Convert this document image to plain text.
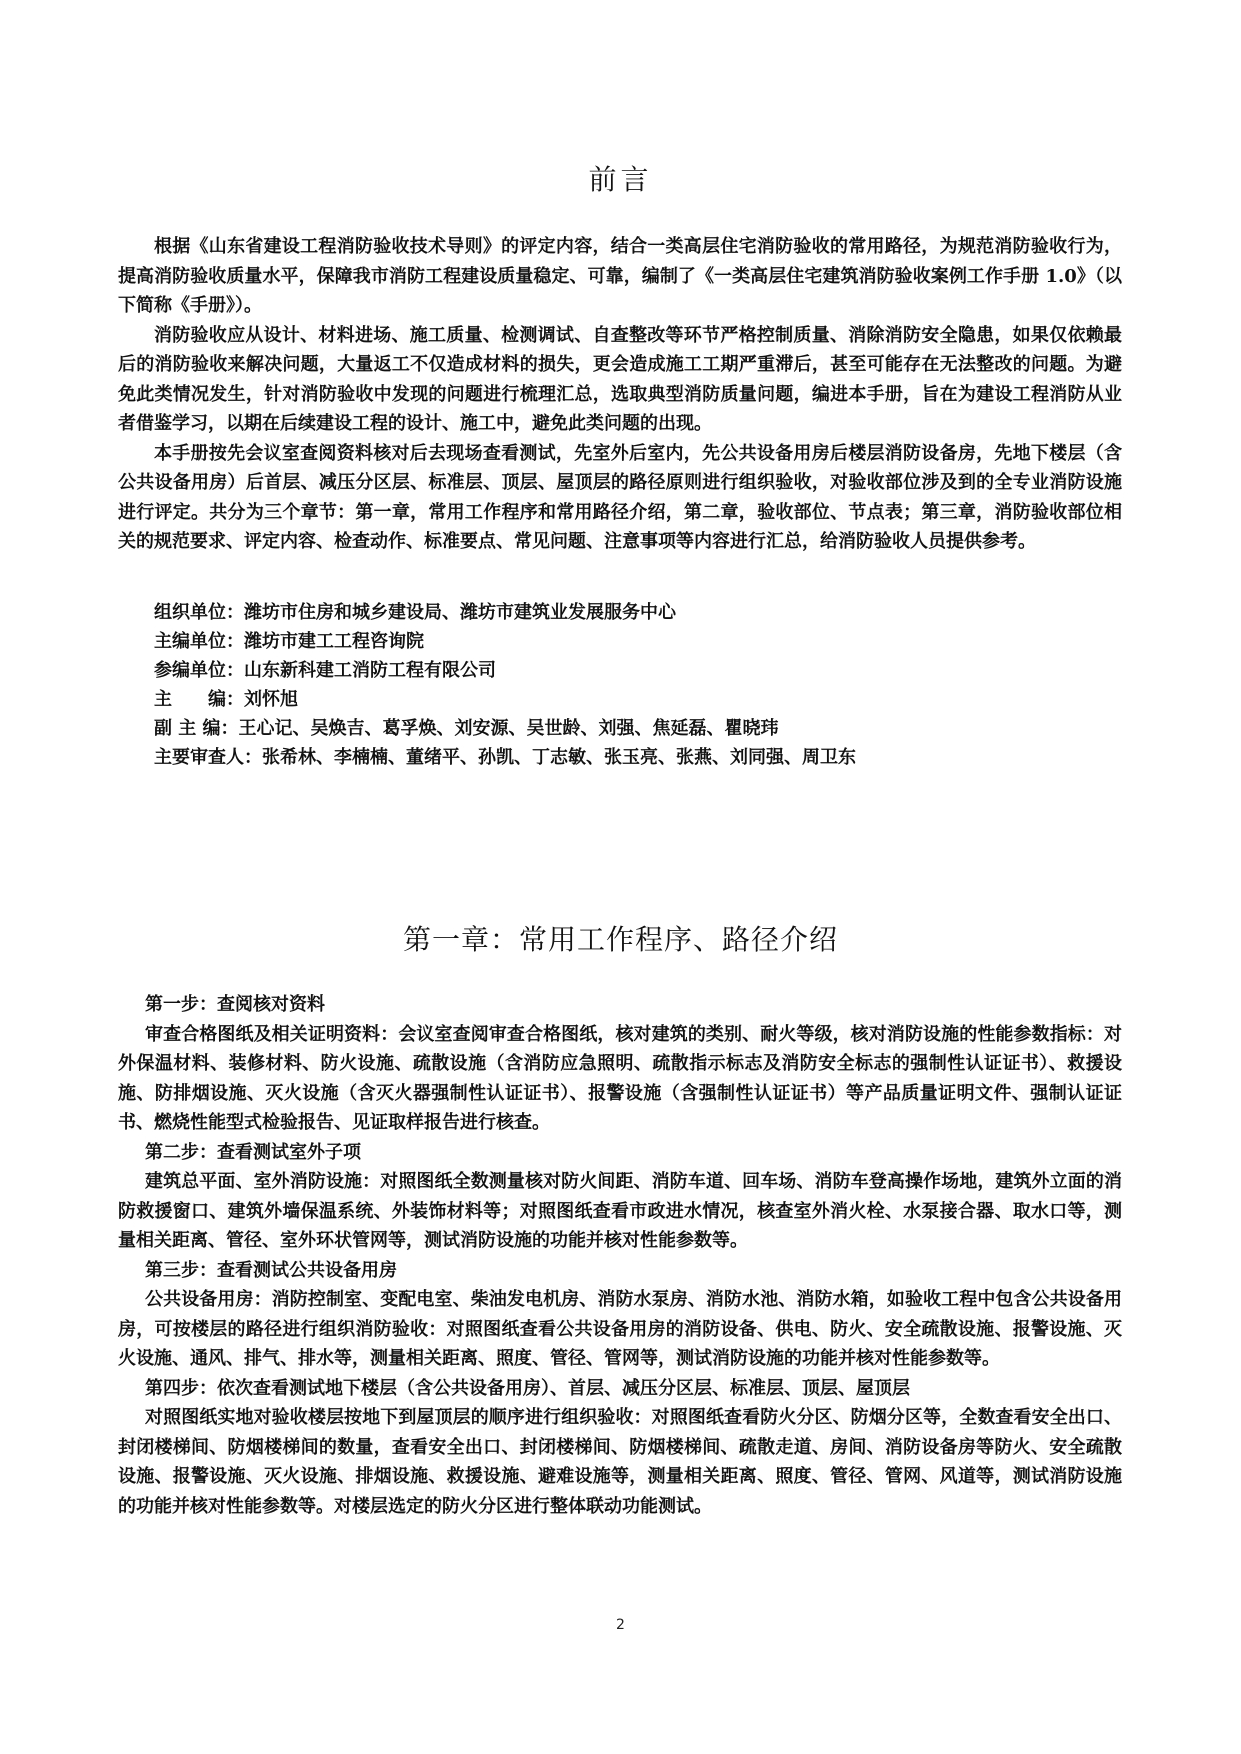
前言

根据《山东省建设工程消防验收技术导则》的评定内容，结合一类高层住宅消防验收的常用路径，为规范消防验收行为，提高消防验收质量水平，保障我市消防工程建设质量稳定、可靠，编制了《一类高层住宅建筑消防验收案例工作手册 1.0》（以下简称《手册》）。

消防验收应从设计、材料进场、施工质量、检测调试、自查整改等环节严格控制质量、消除消防安全隐患，如果仅依赖最后的消防验收来解决问题，大量返工不仅造成材料的损失，更会造成施工工期严重滞后，甚至可能存在无法整改的问题。为避免此类情况发生，针对消防验收中发现的问题进行梳理汇总，选取典型消防质量问题，编进本手册，旨在为建设工程消防从业者借鉴学习，以期在后续建设工程的设计、施工中，避免此类问题的出现。

本手册按先会议室查阅资料核对后去现场查看测试，先室外后室内，先公共设备用房后楼层消防设备房，先地下楼层（含公共设备用房）后首层、减压分区层、标准层、顶层、屋顶层的路径原则进行组织验收，对验收部位涉及到的全专业消防设施进行评定。共分为三个章节：第一章，常用工作程序和常用路径介绍，第二章，验收部位、节点表；第三章，消防验收部位相关的规范要求、评定内容、检查动作、标准要点、常见问题、注意事项等内容进行汇总，给消防验收人员提供参考。

组织单位：潍坊市住房和城乡建设局、潍坊市建筑业发展服务中心
主编单位：潍坊市建工工程咨询院
参编单位：山东新科建工消防工程有限公司
主　　编：刘怀旭
副 主 编：王心记、吴焕吉、葛孚焕、刘安源、吴世龄、刘强、焦延磊、瞿晓玮
主要审查人：张希林、李楠楠、董绪平、孙凯、丁志敏、张玉亮、张燕、刘同强、周卫东
第一章：常用工作程序、路径介绍

第一步：查阅核对资料

审查合格图纸及相关证明资料：会议室查阅审查合格图纸，核对建筑的类别、耐火等级，核对消防设施的性能参数指标：对外保温材料、装修材料、防火设施、疏散设施（含消防应急照明、疏散指示标志及消防安全标志的强制性认证证书）、救援设施、防排烟设施、灭火设施（含灭火器强制性认证证书）、报警设施（含强制性认证证书）等产品质量证明文件、强制认证证书、燃烧性能型式检验报告、见证取样报告进行核查。

第二步：查看测试室外子项

建筑总平面、室外消防设施：对照图纸全数测量核对防火间距、消防车道、回车场、消防车登高操作场地，建筑外立面的消防救援窗口、建筑外墙保温系统、外装饰材料等；对照图纸查看市政进水情况，核查室外消火栓、水泵接合器、取水口等，测量相关距离、管径、室外环状管网等，测试消防设施的功能并核对性能参数等。

第三步：查看测试公共设备用房

公共设备用房：消防控制室、变配电室、柴油发电机房、消防水泵房、消防水池、消防水箱，如验收工程中包含公共设备用房，可按楼层的路径进行组织消防验收：对照图纸查看公共设备用房的消防设备、供电、防火、安全疏散设施、报警设施、灭火设施、通风、排气、排水等，测量相关距离、照度、管径、管网等，测试消防设施的功能并核对性能参数等。

第四步：依次查看测试地下楼层（含公共设备用房）、首层、减压分区层、标准层、顶层、屋顶层

对照图纸实地对验收楼层按地下到屋顶层的顺序进行组织验收：对照图纸查看防火分区、防烟分区等，全数查看安全出口、封闭楼梯间、防烟楼梯间的数量，查看安全出口、封闭楼梯间、防烟楼梯间、疏散走道、房间、消防设备房等防火、安全疏散设施、报警设施、灭火设施、排烟设施、救援设施、避难设施等，测量相关距离、照度、管径、管网、风道等，测试消防设施的功能并核对性能参数等。对楼层选定的防火分区进行整体联动功能测试。

2
